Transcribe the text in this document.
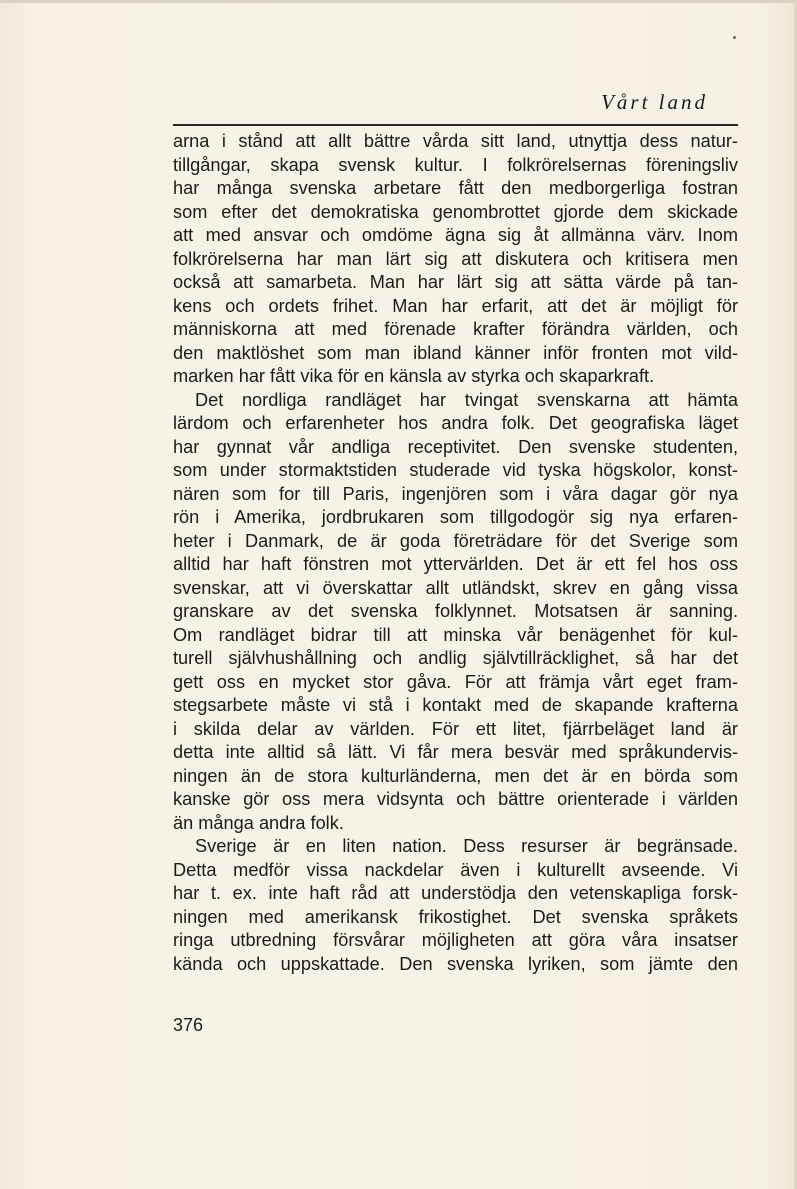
Vårt land
arna i stånd att allt bättre vårda sitt land, utnyttja dess natur-
tillgångar, skapa svensk kultur. I folkrörelsernas föreningsliv
har många svenska arbetare fått den medborgerliga fostran
som efter det demokratiska genombrottet gjorde dem skickade
att med ansvar och omdöme ägna sig åt allmänna värv. Inom
folkrörelserna har man lärt sig att diskutera och kritisera men
också att samarbeta. Man har lärt sig att sätta värde på tan-
kens och ordets frihet. Man har erfarit, att det är möjligt för
människorna att med förenade krafter förändra världen, och
den maktlöshet som man ibland känner inför fronten mot vild-
marken har fått vika för en känsla av styrka och skaparkraft.
Det nordliga randläget har tvingat svenskarna att hämta
lärdom och erfarenheter hos andra folk. Det geografiska läget
har gynnat vår andliga receptivitet. Den svenske studenten,
som under stormaktstiden studerade vid tyska högskolor, konst-
nären som for till Paris, ingenjören som i våra dagar gör nya
rön i Amerika, jordbrukaren som tillgodogör sig nya erfaren-
heter i Danmark, de är goda företrädare för det Sverige som
alltid har haft fönstren mot yttervärlden. Det är ett fel hos oss
svenskar, att vi överskattar allt utländskt, skrev en gång vissa
granskare av det svenska folklynnet. Motsatsen är sanning.
Om randläget bidrar till att minska vår benägenhet för kul-
turell självhushållning och andlig självtillräcklighet, så har det
gett oss en mycket stor gåva. För att främja vårt eget fram-
stegsarbete måste vi stå i kontakt med de skapande krafterna
i skilda delar av världen. För ett litet, fjärrbeläget land är
detta inte alltid så lätt. Vi får mera besvär med språkundervis-
ningen än de stora kulturländerna, men det är en börda som
kanske gör oss mera vidsynta och bättre orienterade i världen
än många andra folk.
Sverige är en liten nation. Dess resurser är begränsade.
Detta medför vissa nackdelar även i kulturellt avseende. Vi
har t. ex. inte haft råd att understödja den vetenskapliga forsk-
ningen med amerikansk frikostighet. Det svenska språkets
ringa utbredning försvårar möjligheten att göra våra insatser
kända och uppskattade. Den svenska lyriken, som jämte den
376
